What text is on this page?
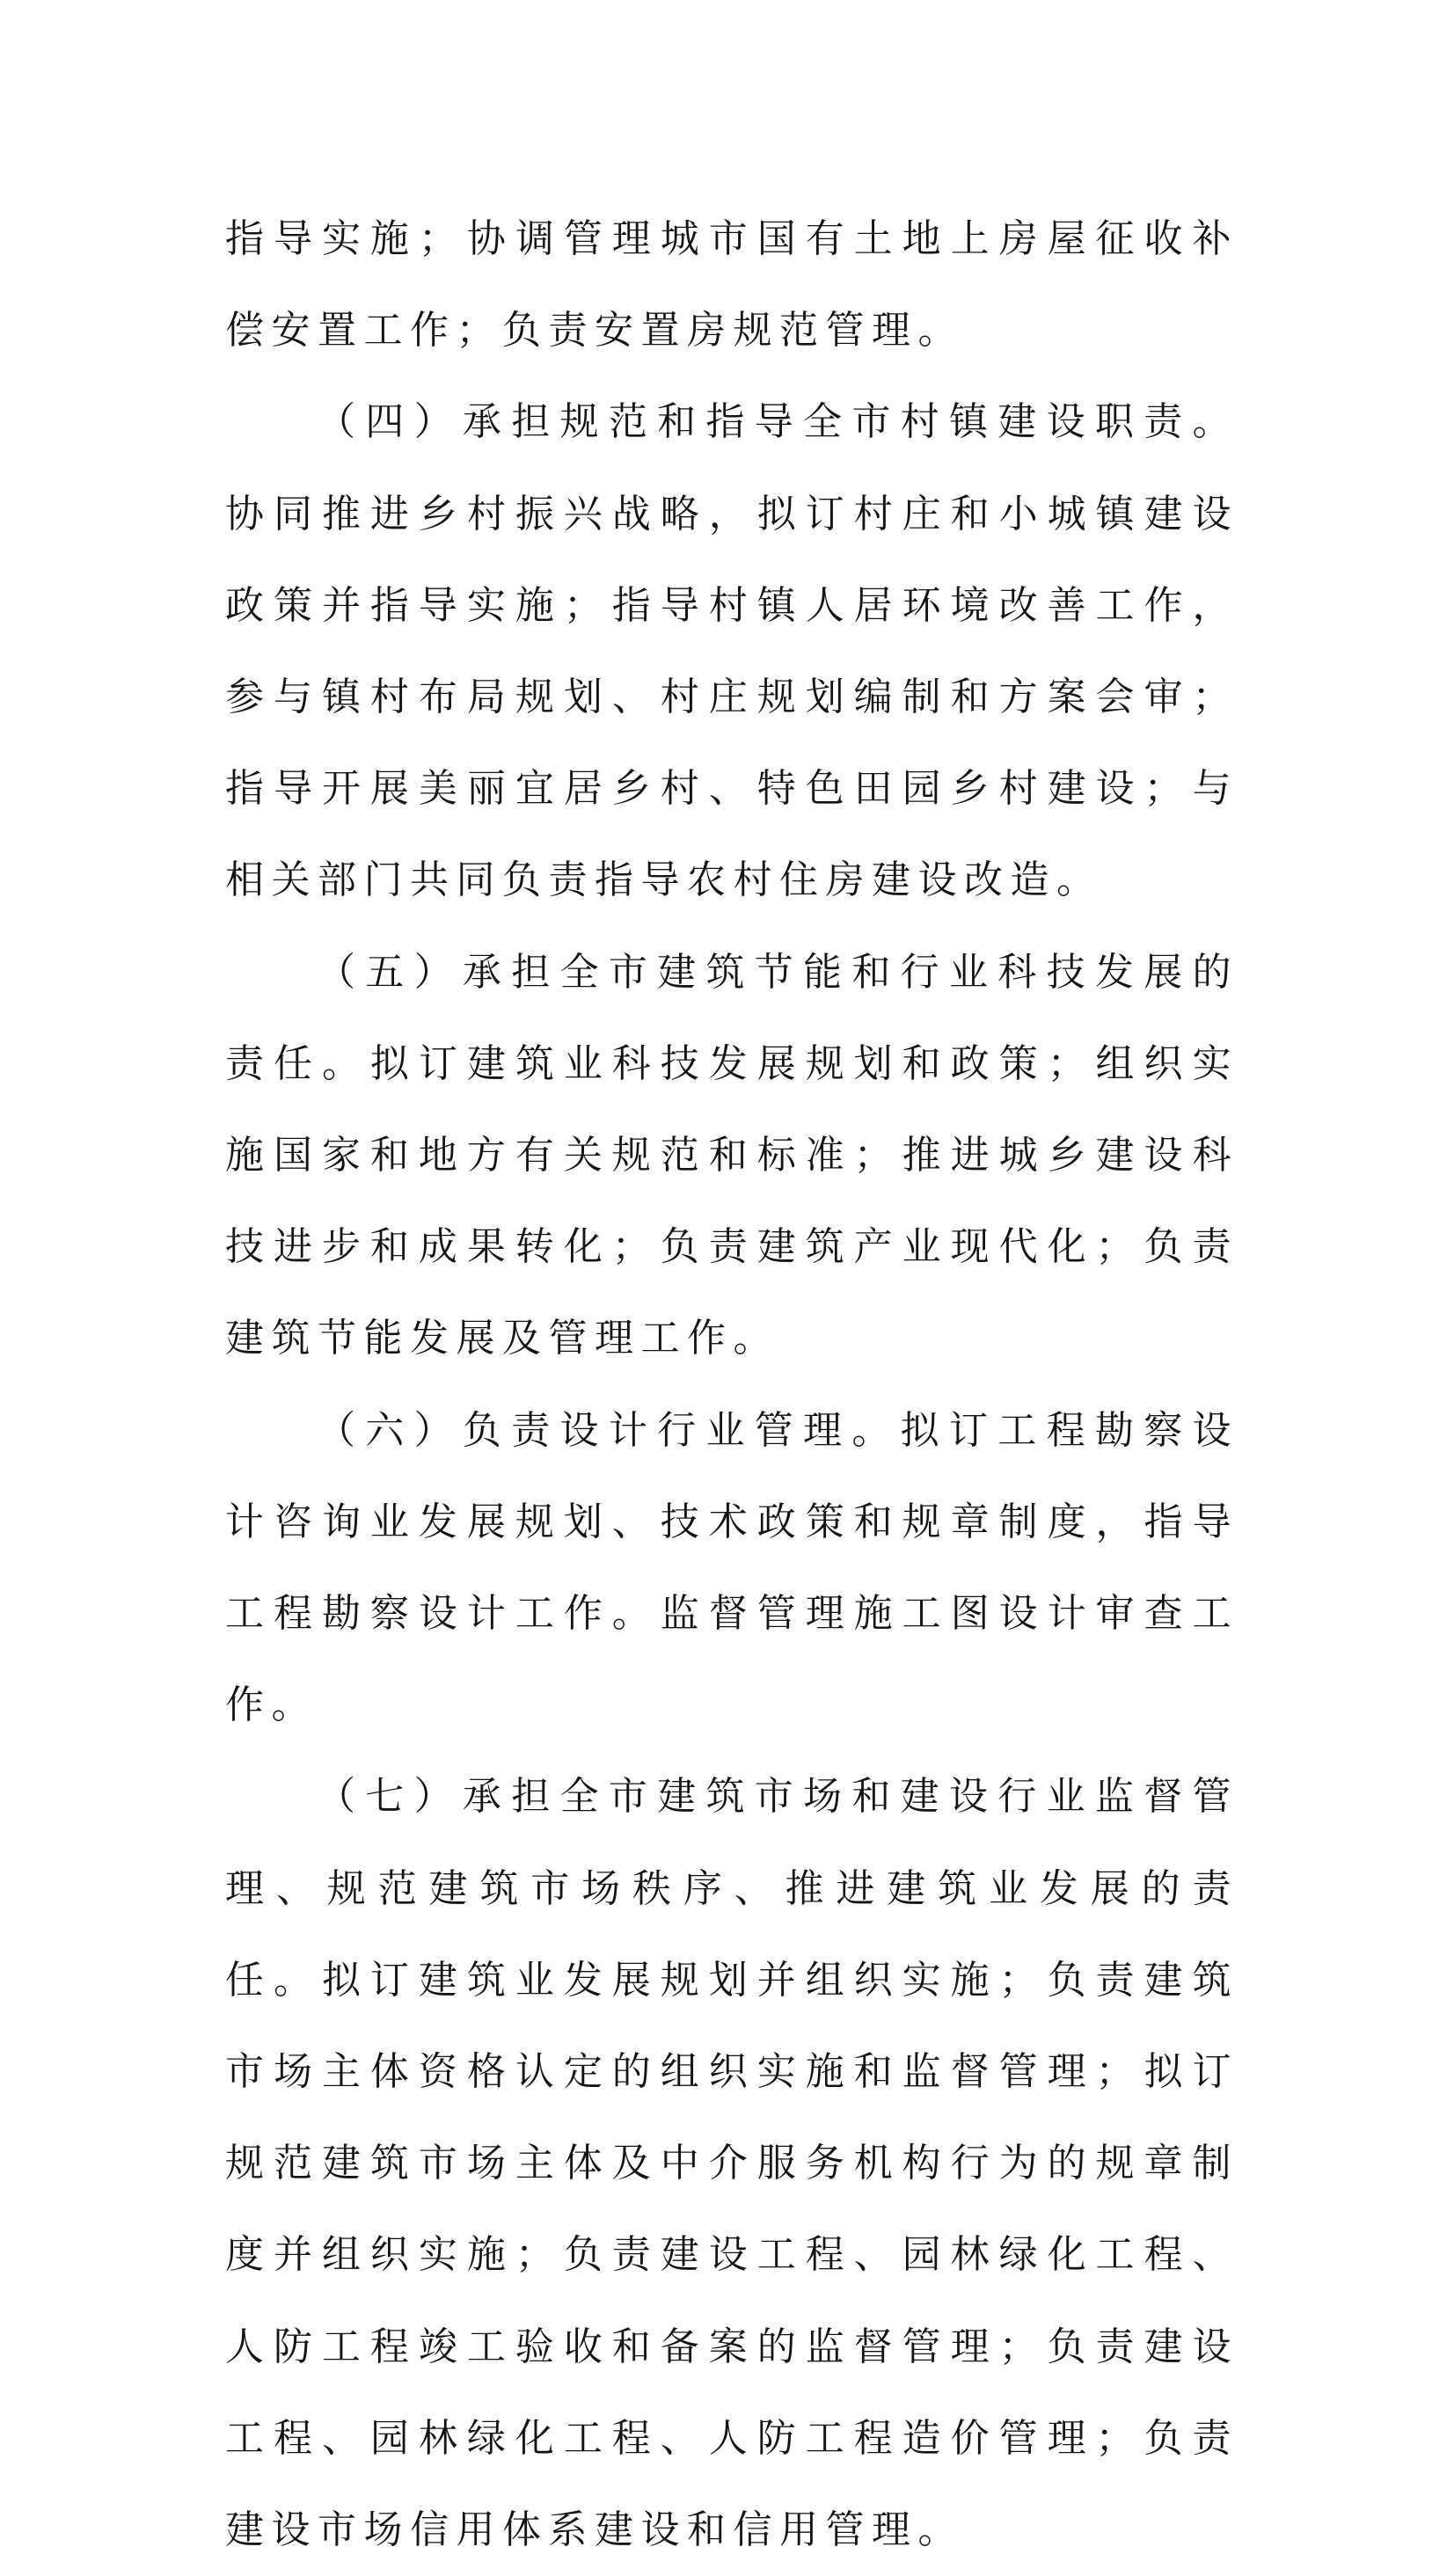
指导实施；协调管理城市国有土地上房屋征收补偿安置工作；负责安置房规范管理。

（四）承担规范和指导全市村镇建设职责。协同推进乡村振兴战略，拟订村庄和小城镇建设政策并指导实施；指导村镇人居环境改善工作，参与镇村布局规划、村庄规划编制和方案会审；指导开展美丽宜居乡村、特色田园乡村建设；与相关部门共同负责指导农村住房建设改造。

（五）承担全市建筑节能和行业科技发展的责任。拟订建筑业科技发展规划和政策；组织实施国家和地方有关规范和标准；推进城乡建设科技进步和成果转化；负责建筑产业现代化；负责建筑节能发展及管理工作。

（六）负责设计行业管理。拟订工程勘察设计咨询业发展规划、技术政策和规章制度，指导工程勘察设计工作。监督管理施工图设计审查工作。

（七）承担全市建筑市场和建设行业监督管理、规范建筑市场秩序、推进建筑业发展的责任。拟订建筑业发展规划并组织实施；负责建筑市场主体资格认定的组织实施和监督管理；拟订规范建筑市场主体及中介服务机构行为的规章制度并组织实施；负责建设工程、园林绿化工程、人防工程竣工验收和备案的监督管理；负责建设工程、园林绿化工程、人防工程造价管理；负责建设市场信用体系建设和信用管理。
